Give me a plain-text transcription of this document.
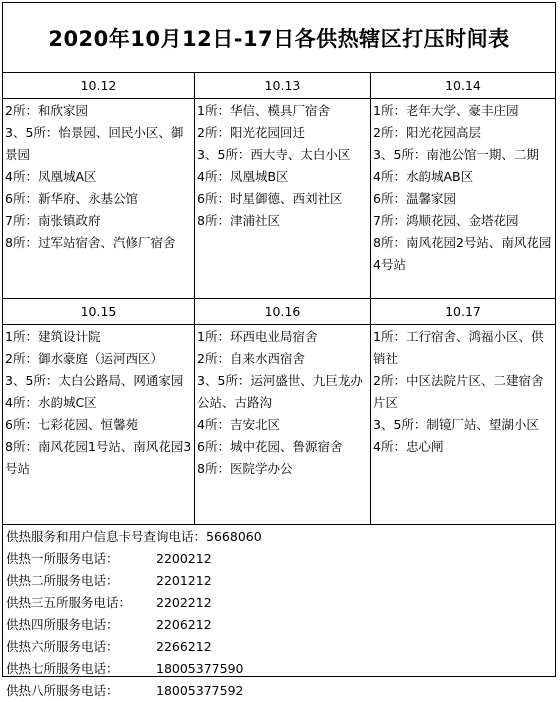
2020年10月12日-17日各供热辖区打压时间表
10.12
2所：和欣家园
3、5所：怡景园、回民小区、御景园
4所：凤凰城A区
6所：新华府、永基公馆
7所：南张镇政府
8所：过军站宿舍、汽修厂宿舍
10.13
1所：华信、模具厂宿舍
2所：阳光花园回迁
3、5所：西大寺、太白小区
4所：凤凰城B区
6所：时星御德、西刘社区
8所：津浦社区
10.14
1所：老年大学、豪丰庄园
2所：阳光花园高层
3、5所：南池公馆一期、二期
4所：水韵城AB区
6所：温馨家园
7所：鸿顺花园、金塔花园
8所：南风花园2号站、南风花园4号站
10.15
1所：建筑设计院
2所：御水豪庭（运河西区）
3、5所：太白公路局、网通家园
4所：水韵城C区
6所：七彩花园、恒馨苑
8所：南风花园1号站、南风花园3号站
10.16
1所：环西电业局宿舍
2所：自来水西宿舍
3、5所：运河盛世、九巨龙办公站、古路沟
4所：吉安北区
6所：城中花园、鲁源宿舍
8所：医院学办公
10.17
1所：工行宿舍、鸿福小区、供销社
2所：中区法院片区、二建宿舍片区
3、5所：制镜厂站、望湖小区
4所：忠心闸
供热服务和用户信息卡号查询电话： 5668060
供热一所服务电话：	2200212
供热二所服务电话：	2201212
供热三五所服务电话：	2202212
供热四所服务电话：	2206212
供热六所服务电话：	2266212
供热七所服务电话：	18005377590
供热八所服务电话：	18005377592
